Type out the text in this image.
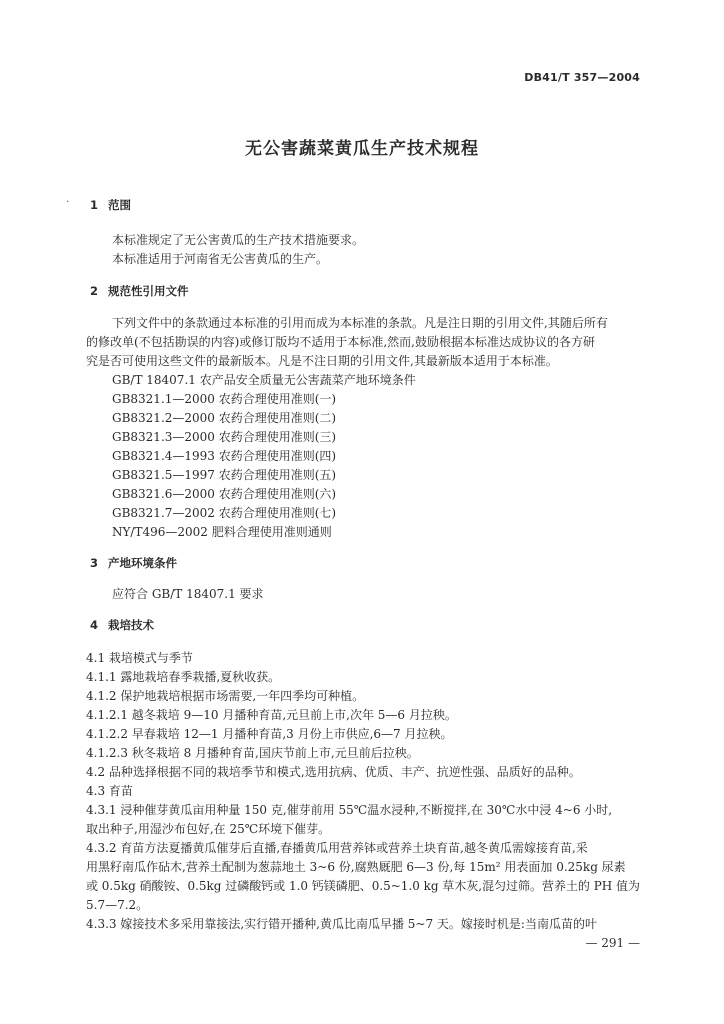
DB41/T 357—2004
无公害蔬菜黄瓜生产技术规程
· 1 范围
本标准规定了无公害黄瓜的生产技术措施要求。
本标准适用于河南省无公害黄瓜的生产。
2 规范性引用文件
下列文件中的条款通过本标准的引用而成为本标准的条款。凡是注日期的引用文件,其随后所有
的修改单(不包括勘误的内容)或修订版均不适用于本标准,然而,鼓励根据本标准达成协议的各方研
究是否可使用这些文件的最新版本。凡是不注日期的引用文件,其最新版本适用于本标准。
GB/T 18407.1 农产品安全质量无公害蔬菜产地环境条件
GB8321.1—2000 农药合理使用准则(一)
GB8321.2—2000 农药合理使用准则(二)
GB8321.3—2000 农药合理使用准则(三)
GB8321.4—1993 农药合理使用准则(四)
GB8321.5—1997 农药合理使用准则(五)
GB8321.6—2000 农药合理使用准则(六)
GB8321.7—2002 农药合理使用准则(七)
NY/T496—2002 肥料合理使用准则通则
3 产地环境条件
应符合 GB/T 18407.1 要求
4 栽培技术
4.1 栽培模式与季节
4.1.1 露地栽培春季栽播,夏秋收获。
4.1.2 保护地栽培根据市场需要,一年四季均可种植。
4.1.2.1 越冬栽培 9—10 月播种育苗,元旦前上市,次年 5—6 月拉秧。
4.1.2.2 早春栽培 12—1 月播种育苗,3 月份上市供应,6—7 月拉秧。
4.1.2.3 秋冬栽培 8 月播种育苗,国庆节前上市,元旦前后拉秧。
4.2 品种选择根据不同的栽培季节和模式,选用抗病、优质、丰产、抗逆性强、品质好的品种。
4.3 育苗
4.3.1 浸种催芽黄瓜亩用种量 150 克,催芽前用 55℃温水浸种,不断搅拌,在 30℃水中浸 4~6 小时,
取出种子,用湿沙布包好,在 25℃环境下催芽。
4.3.2 育苗方法夏播黄瓜催芽后直播,春播黄瓜用营养钵或营养土块育苗,越冬黄瓜需嫁接育苗,采
用黑籽南瓜作砧木,营养土配制为葱蒜地土 3~6 份,腐熟厩肥 6—3 份,每 15m² 用表面加 0.25kg 尿素
或 0.5kg 硝酸铵、0.5kg 过磷酸钙或 1.0 钙镁磷肥、0.5~1.0 kg 草木灰,混匀过筛。营养土的 PH 值为
5.7—7.2。
4.3.3 嫁接技术多采用靠接法,实行错开播种,黄瓜比南瓜早播 5~7 天。嫁接时机是:当南瓜苗的叶
— 291 —
